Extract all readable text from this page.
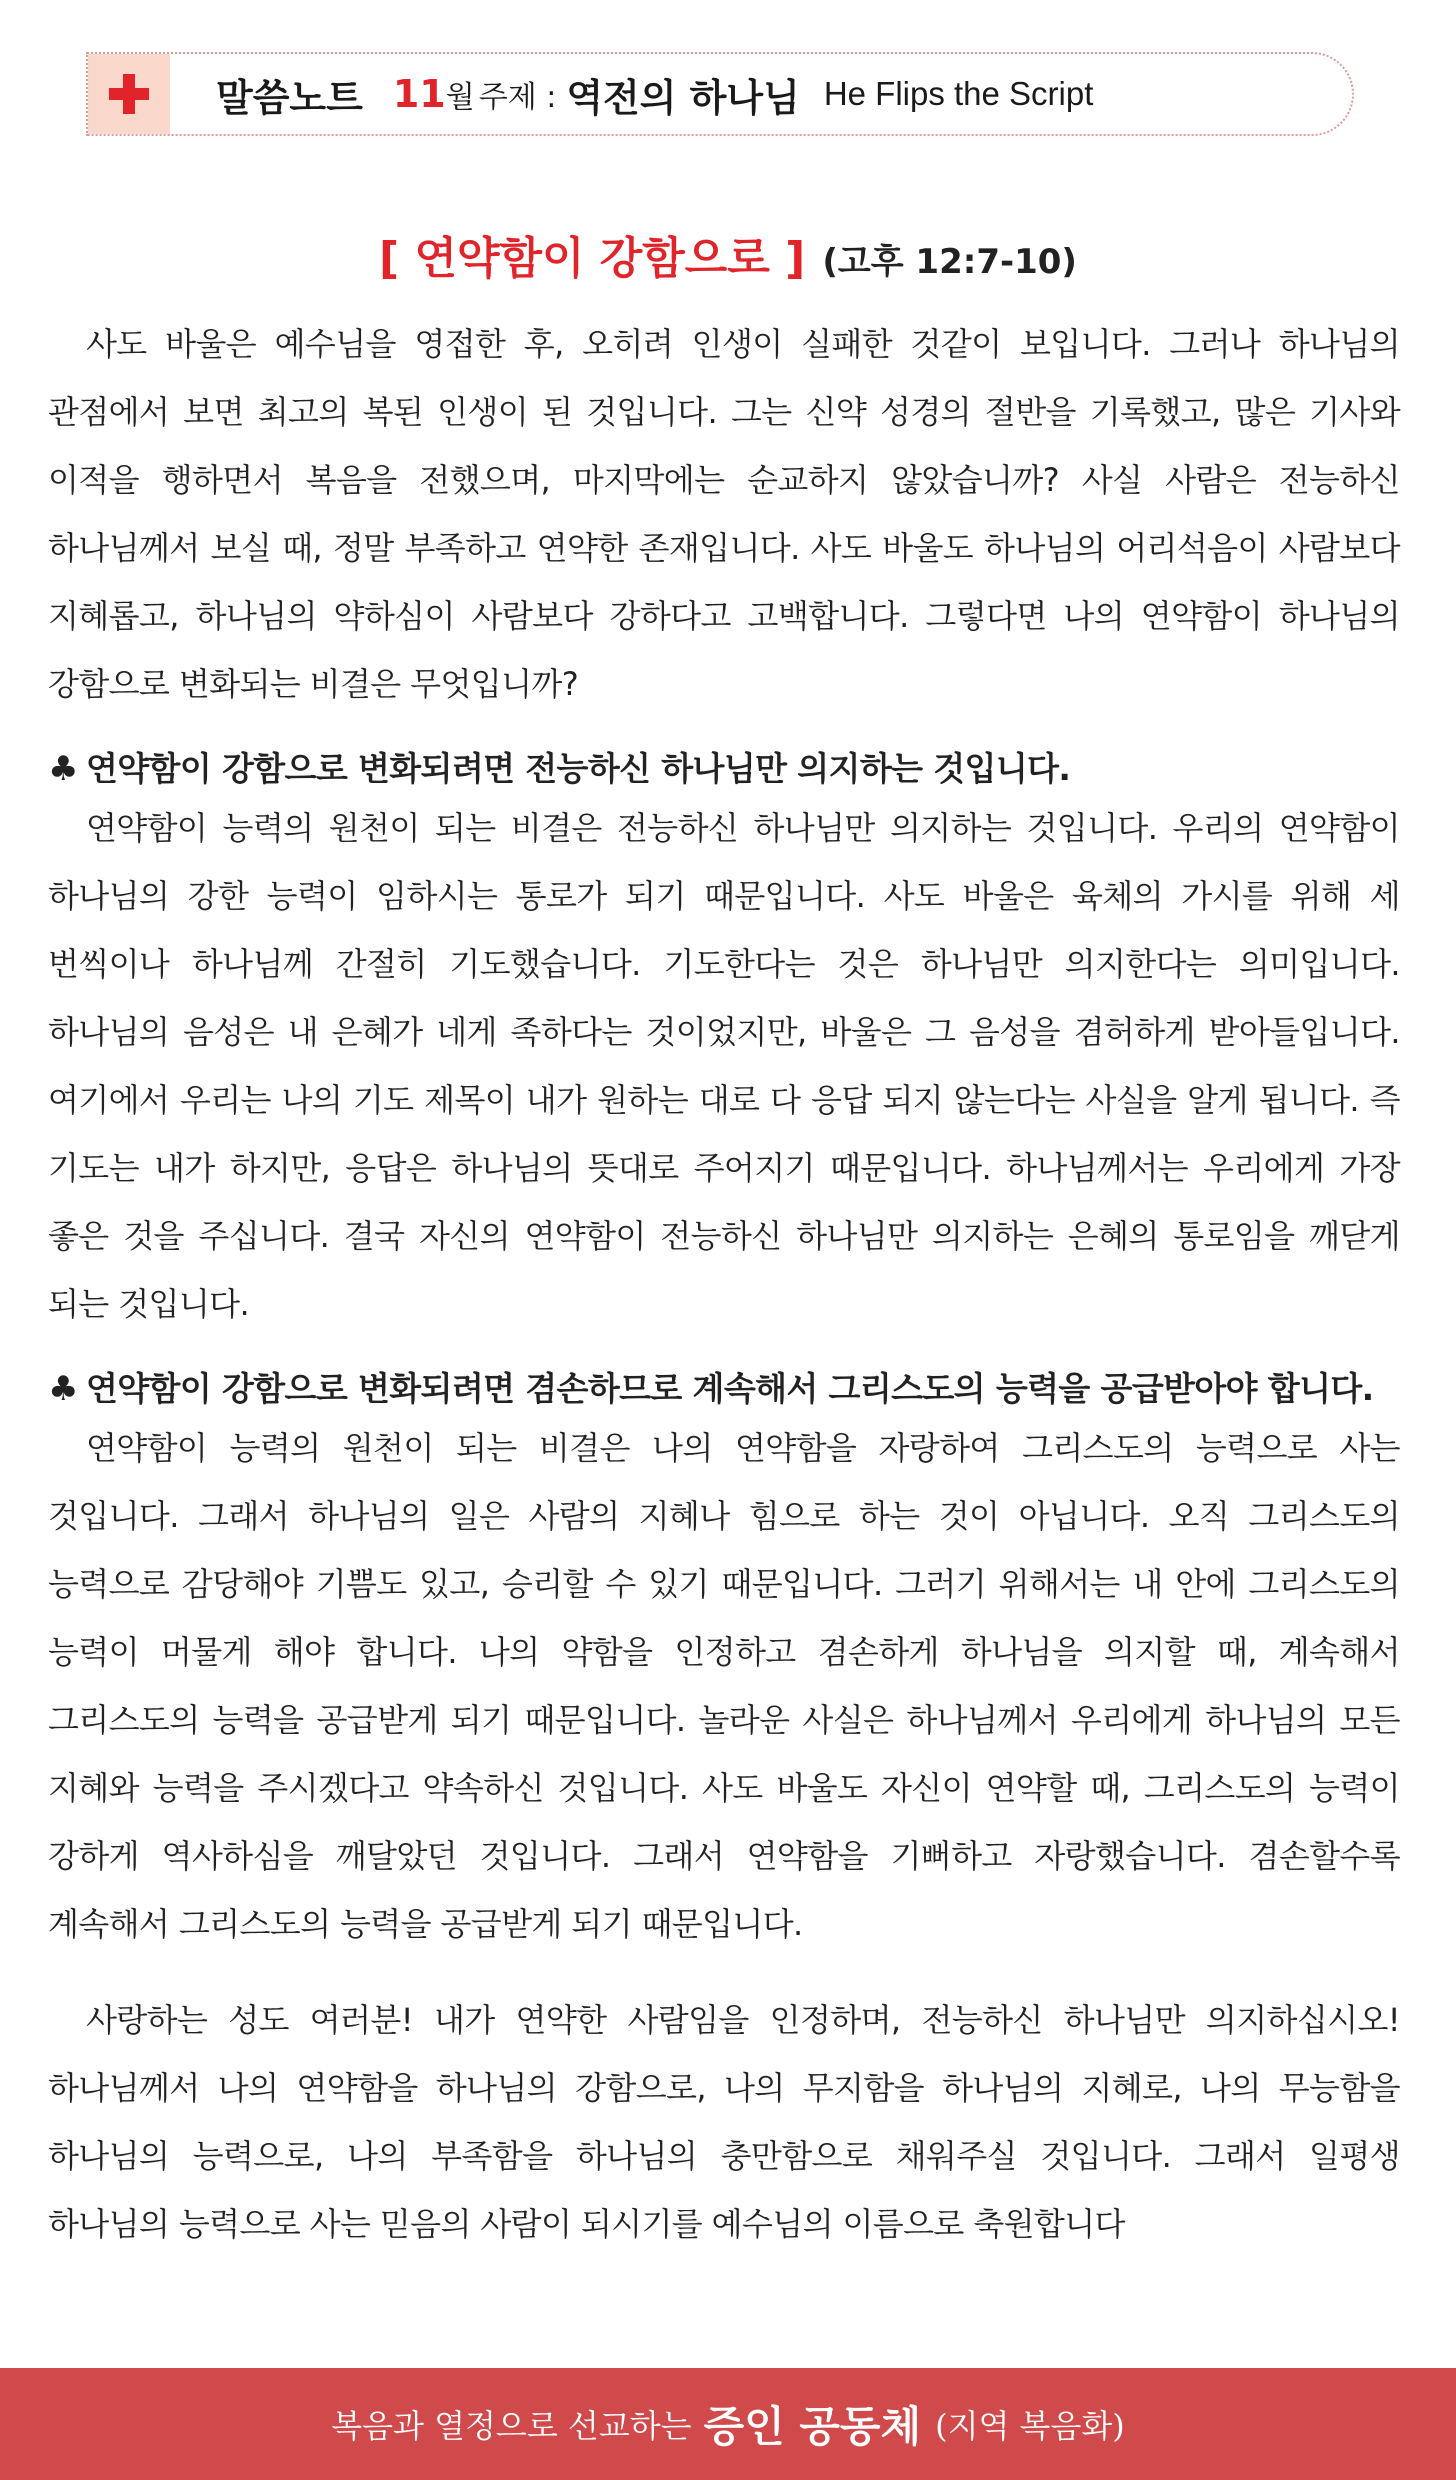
말씀노트 11 월 주제 : 역전의 하나님 He Flips the Script
[ 연약함이 강함으로 ] (고후 12:7-10)

사도 바울은 예수님을 영접한 후, 오히려 인생이 실패한 것같이 보입니다. 그러나 하나님의 관점에서 보면 최고의 복된 인생이 된 것입니다. 그는 신약 성경의 절반을 기록했고, 많은 기사와 이적을 행하면서 복음을 전했으며, 마지막에는 순교하지 않았습니까? 사실 사람은 전능하신 하나님께서 보실 때, 정말 부족하고 연약한 존재입니다. 사도 바울도 하나님의 어리석음이 사람보다 지혜롭고, 하나님의 약하심이 사람보다 강하다고 고백합니다. 그렇다면 나의 연약함이 하나님의 강함으로 변화되는 비결은 무엇입니까?

♣ 연약함이 강함으로 변화되려면 전능하신 하나님만 의지하는 것입니다.

연약함이 능력의 원천이 되는 비결은 전능하신 하나님만 의지하는 것입니다. 우리의 연약함이 하나님의 강한 능력이 임하시는 통로가 되기 때문입니다. 사도 바울은 육체의 가시를 위해 세 번씩이나 하나님께 간절히 기도했습니다. 기도한다는 것은 하나님만 의지한다는 의미입니다. 하나님의 음성은 내 은혜가 네게 족하다는 것이었지만, 바울은 그 음성을 겸허하게 받아들입니다. 여기에서 우리는 나의 기도 제목이 내가 원하는 대로 다 응답 되지 않는다는 사실을 알게 됩니다. 즉 기도는 내가 하지만, 응답은 하나님의 뜻대로 주어지기 때문입니다. 하나님께서는 우리에게 가장 좋은 것을 주십니다. 결국 자신의 연약함이 전능하신 하나님만 의지하는 은혜의 통로임을 깨닫게 되는 것입니다.

♣ 연약함이 강함으로 변화되려면 겸손하므로 계속해서 그리스도의 능력을 공급받아야 합니다.

연약함이 능력의 원천이 되는 비결은 나의 연약함을 자랑하여 그리스도의 능력으로 사는 것입니다. 그래서 하나님의 일은 사람의 지혜나 힘으로 하는 것이 아닙니다. 오직 그리스도의 능력으로 감당해야 기쁨도 있고, 승리할 수 있기 때문입니다. 그러기 위해서는 내 안에 그리스도의 능력이 머물게 해야 합니다. 나의 약함을 인정하고 겸손하게 하나님을 의지할 때, 계속해서 그리스도의 능력을 공급받게 되기 때문입니다. 놀라운 사실은 하나님께서 우리에게 하나님의 모든 지혜와 능력을 주시겠다고 약속하신 것입니다. 사도 바울도 자신이 연약할 때, 그리스도의 능력이 강하게 역사하심을 깨달았던 것입니다. 그래서 연약함을 기뻐하고 자랑했습니다. 겸손할수록 계속해서 그리스도의 능력을 공급받게 되기 때문입니다.

사랑하는 성도 여러분! 내가 연약한 사람임을 인정하며, 전능하신 하나님만 의지하십시오! 하나님께서 나의 연약함을 하나님의 강함으로, 나의 무지함을 하나님의 지혜로, 나의 무능함을 하나님의 능력으로, 나의 부족함을 하나님의 충만함으로 채워주실 것입니다. 그래서 일평생 하나님의 능력으로 사는 믿음의 사람이 되시기를 예수님의 이름으로 축원합니다

복음과 열정으로 선교하는 증인 공동체 (지역 복음화)
